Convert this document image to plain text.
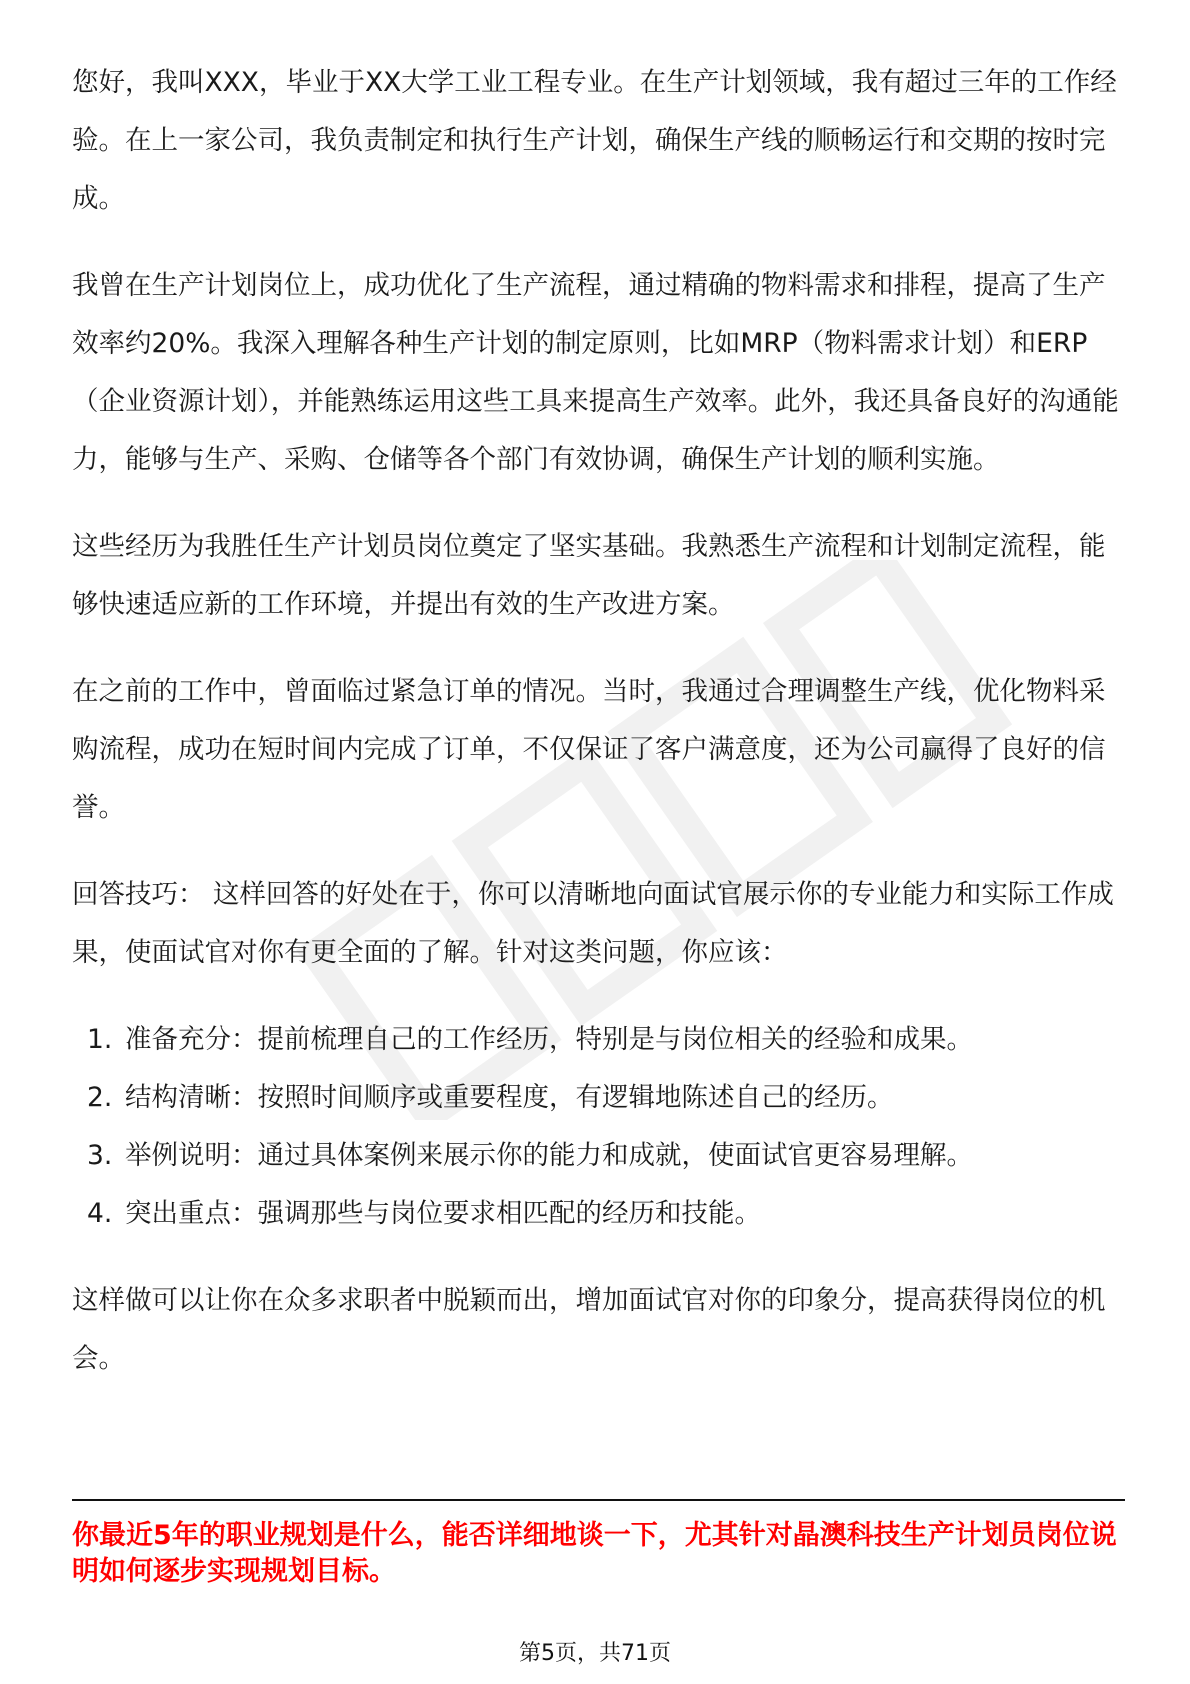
您好，我叫XXX，毕业于XX大学工业工程专业。在生产计划领域，我有超过三年的工作经验。在上一家公司，我负责制定和执行生产计划，确保生产线的顺畅运行和交期的按时完成。

我曾在生产计划岗位上，成功优化了生产流程，通过精确的物料需求和排程，提高了生产效率约20%。我深入理解各种生产计划的制定原则，比如MRP（物料需求计划）和ERP（企业资源计划），并能熟练运用这些工具来提高生产效率。此外，我还具备良好的沟通能力，能够与生产、采购、仓储等各个部门有效协调，确保生产计划的顺利实施。

这些经历为我胜任生产计划员岗位奠定了坚实基础。我熟悉生产流程和计划制定流程，能够快速适应新的工作环境，并提出有效的生产改进方案。

在之前的工作中，曾面临过紧急订单的情况。当时，我通过合理调整生产线，优化物料采购流程，成功在短时间内完成了订单，不仅保证了客户满意度，还为公司赢得了良好的信誉。

回答技巧： 这样回答的好处在于，你可以清晰地向面试官展示你的专业能力和实际工作成果，使面试官对你有更全面的了解。针对这类问题，你应该：

1. 准备充分：提前梳理自己的工作经历，特别是与岗位相关的经验和成果。
2. 结构清晰：按照时间顺序或重要程度，有逻辑地陈述自己的经历。
3. 举例说明：通过具体案例来展示你的能力和成就，使面试官更容易理解。
4. 突出重点：强调那些与岗位要求相匹配的经历和技能。

这样做可以让你在众多求职者中脱颖而出，增加面试官对你的印象分，提高获得岗位的机会。

你最近5年的职业规划是什么，能否详细地谈一下，尤其针对晶澳科技生产计划员岗位说明如何逐步实现规划目标。
第5页，共71页
